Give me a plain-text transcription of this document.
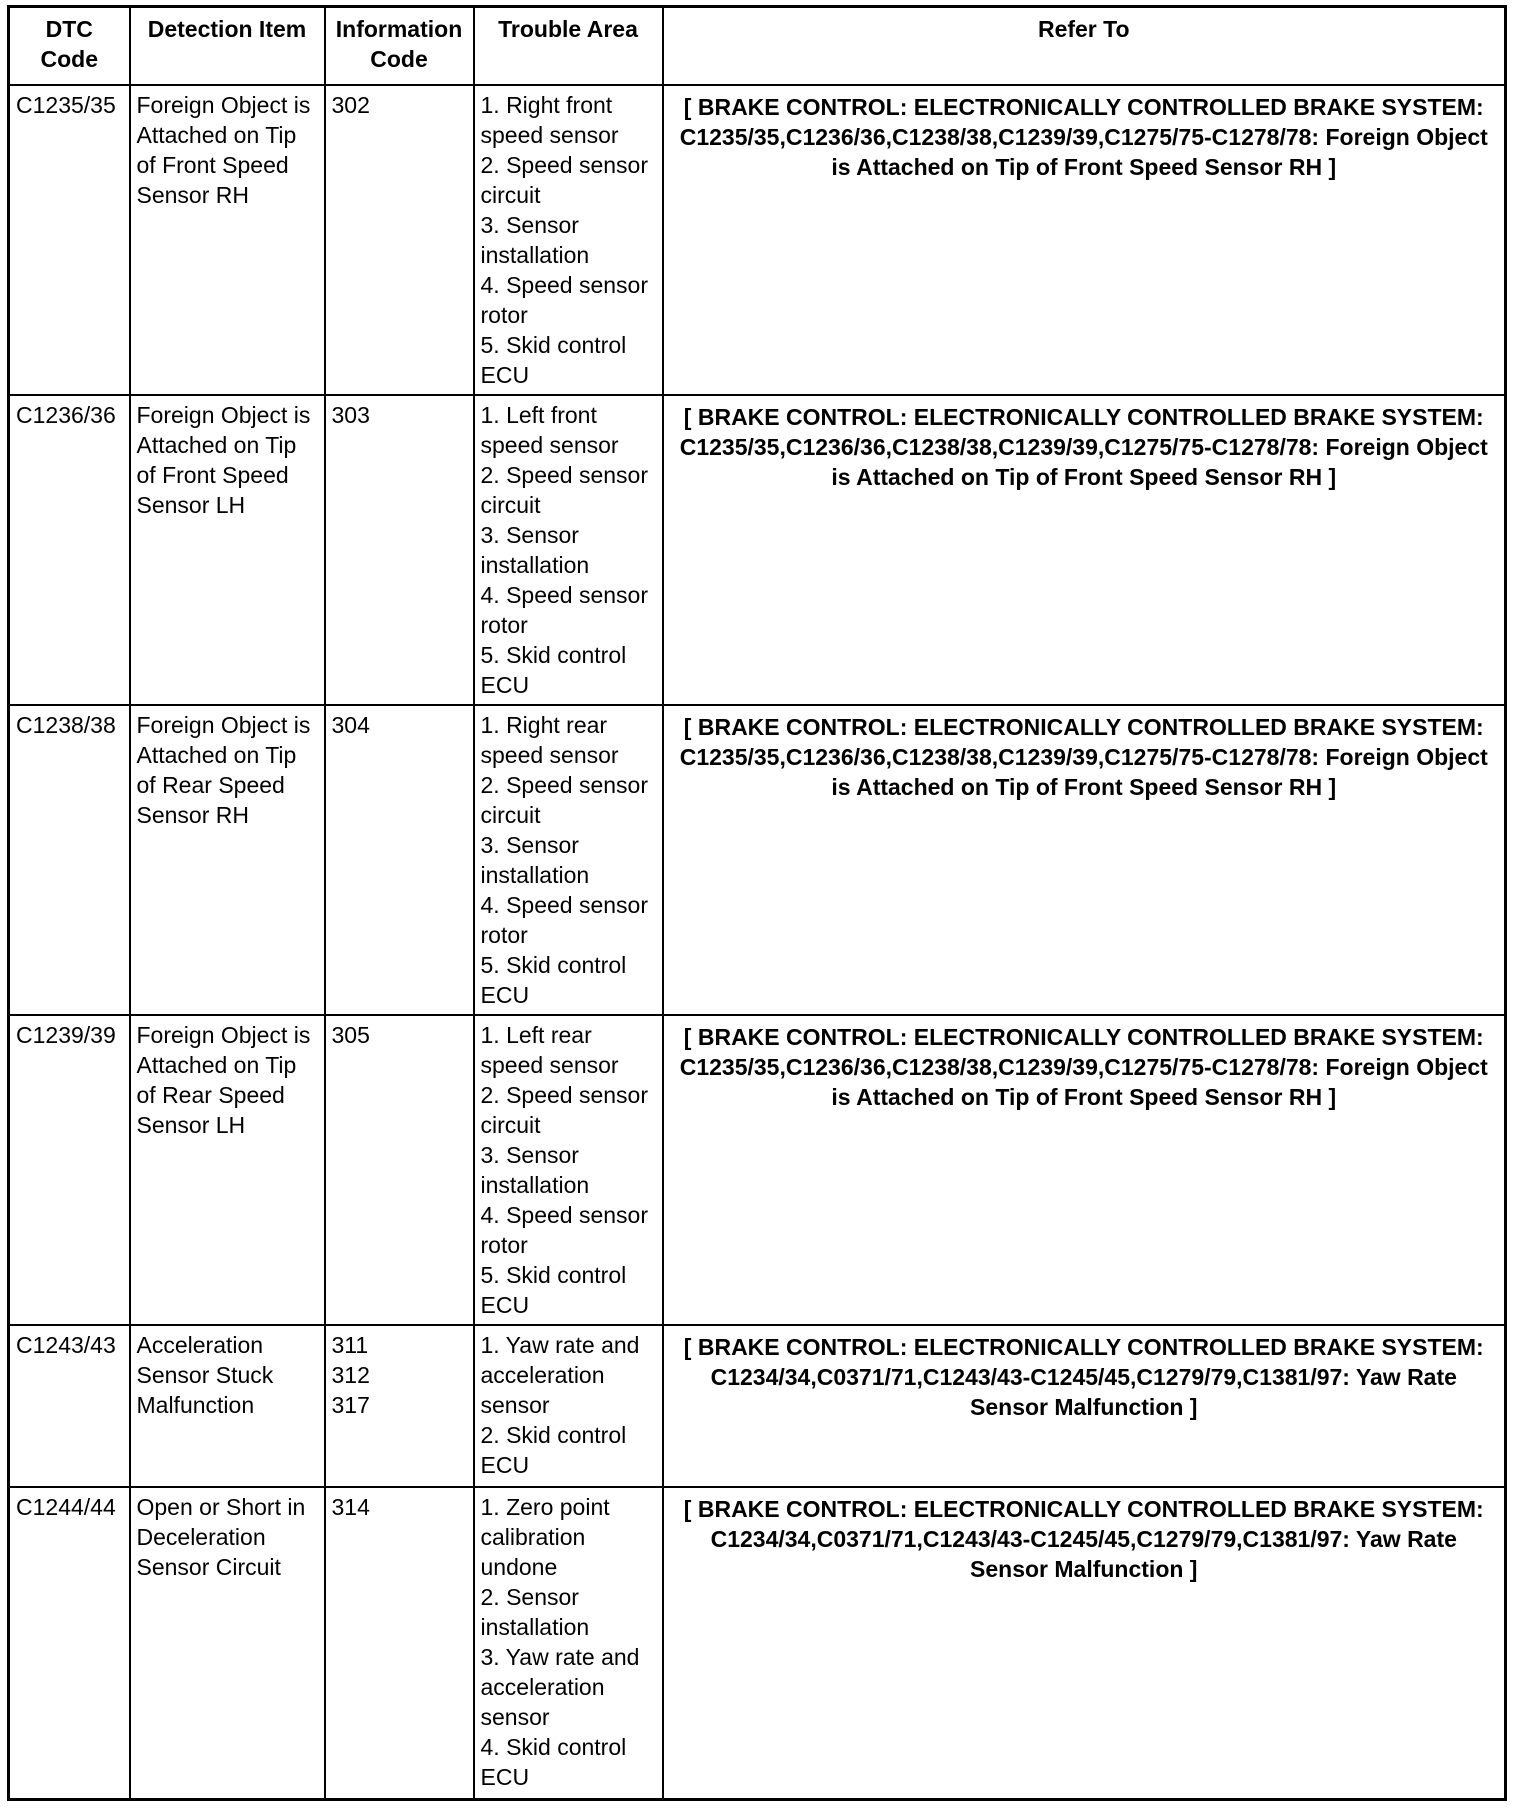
DTC Code	Detection Item	Information Code	Trouble Area	Refer To
C1235/35	Foreign Object is Attached on Tip of Front Speed Sensor RH	302	1. Right front speed sensor
2. Speed sensor circuit
3. Sensor installation
4. Speed sensor rotor
5. Skid control ECU	[ BRAKE CONTROL: ELECTRONICALLY CONTROLLED BRAKE SYSTEM: C1235/35,C1236/36,C1238/38,C1239/39,C1275/75-C1278/78: Foreign Object is Attached on Tip of Front Speed Sensor RH ]

C1236/36	Foreign Object is Attached on Tip of Front Speed Sensor LH	303	1. Left front speed sensor
2. Speed sensor circuit
3. Sensor installation
4. Speed sensor rotor
5. Skid control ECU	[ BRAKE CONTROL: ELECTRONICALLY CONTROLLED BRAKE SYSTEM: C1235/35,C1236/36,C1238/38,C1239/39,C1275/75-C1278/78: Foreign Object is Attached on Tip of Front Speed Sensor RH ]

C1238/38	Foreign Object is Attached on Tip of Rear Speed Sensor RH	304	1. Right rear speed sensor
2. Speed sensor circuit
3. Sensor installation
4. Speed sensor rotor
5. Skid control ECU	[ BRAKE CONTROL: ELECTRONICALLY CONTROLLED BRAKE SYSTEM: C1235/35,C1236/36,C1238/38,C1239/39,C1275/75-C1278/78: Foreign Object is Attached on Tip of Front Speed Sensor RH ]

C1239/39	Foreign Object is Attached on Tip of Rear Speed Sensor LH	305	1. Left rear speed sensor
2. Speed sensor circuit
3. Sensor installation
4. Speed sensor rotor
5. Skid control ECU	[ BRAKE CONTROL: ELECTRONICALLY CONTROLLED BRAKE SYSTEM: C1235/35,C1236/36,C1238/38,C1239/39,C1275/75-C1278/78: Foreign Object is Attached on Tip of Front Speed Sensor RH ]

C1243/43	Acceleration Sensor Stuck Malfunction	311
312
317	1. Yaw rate and acceleration sensor
2. Skid control ECU	[ BRAKE CONTROL: ELECTRONICALLY CONTROLLED BRAKE SYSTEM: C1234/34,C0371/71,C1243/43-C1245/45,C1279/79,C1381/97: Yaw Rate Sensor Malfunction ]

C1244/44	Open or Short in Deceleration Sensor Circuit	314	1. Zero point calibration undone
2. Sensor installation
3. Yaw rate and acceleration sensor
4. Skid control ECU	[ BRAKE CONTROL: ELECTRONICALLY CONTROLLED BRAKE SYSTEM: C1234/34,C0371/71,C1243/43-C1245/45,C1279/79,C1381/97: Yaw Rate Sensor Malfunction ]
